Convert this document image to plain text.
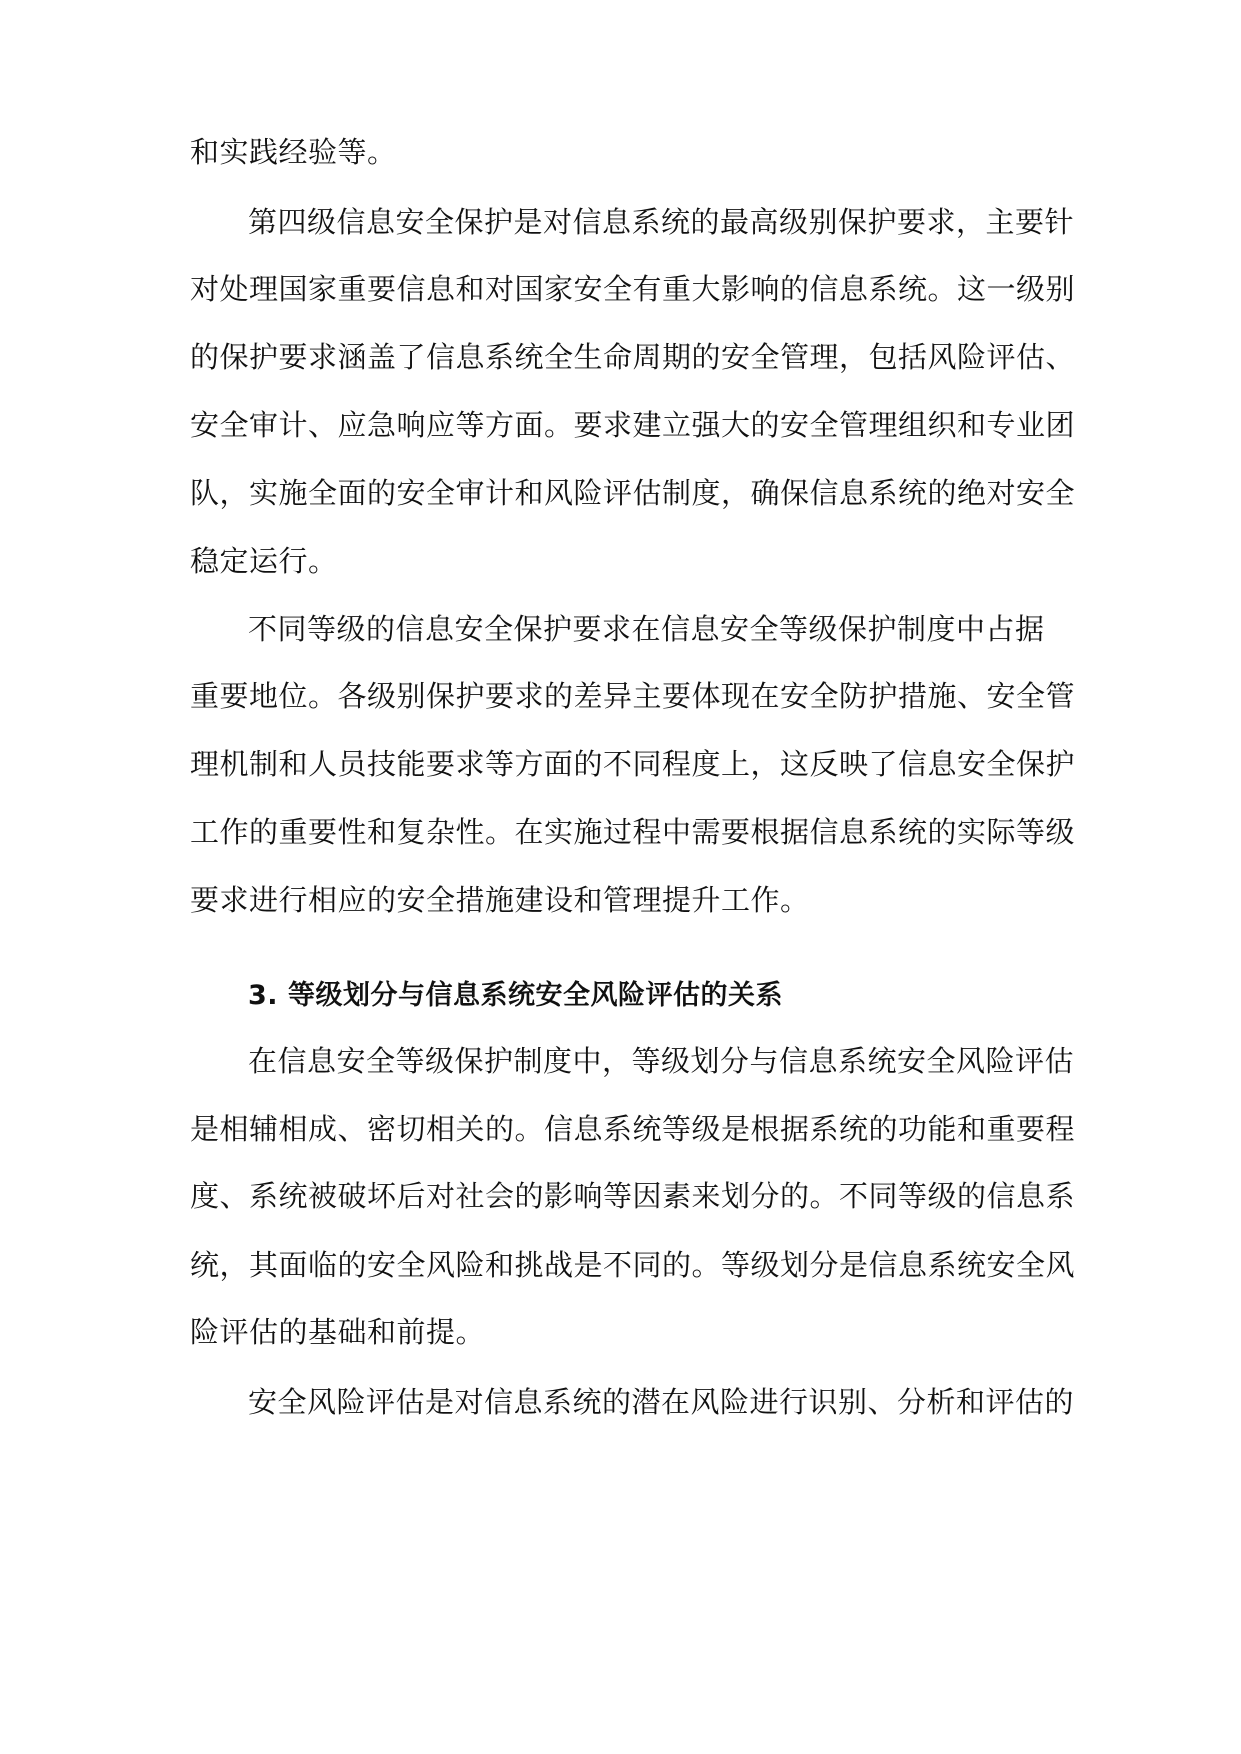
和实践经验等。
第四级信息安全保护是对信息系统的最高级别保护要求，主要针
对处理国家重要信息和对国家安全有重大影响的信息系统。这一级别
的保护要求涵盖了信息系统全生命周期的安全管理，包括风险评估、
安全审计、应急响应等方面。要求建立强大的安全管理组织和专业团
队，实施全面的安全审计和风险评估制度，确保信息系统的绝对安全
稳定运行。
不同等级的信息安全保护要求在信息安全等级保护制度中占据
重要地位。各级别保护要求的差异主要体现在安全防护措施、安全管
理机制和人员技能要求等方面的不同程度上，这反映了信息安全保护
工作的重要性和复杂性。在实施过程中需要根据信息系统的实际等级
要求进行相应的安全措施建设和管理提升工作。
3. 等级划分与信息系统安全风险评估的关系
在信息安全等级保护制度中，等级划分与信息系统安全风险评估
是相辅相成、密切相关的。信息系统等级是根据系统的功能和重要程
度、系统被破坏后对社会的影响等因素来划分的。不同等级的信息系
统，其面临的安全风险和挑战是不同的。等级划分是信息系统安全风
险评估的基础和前提。
安全风险评估是对信息系统的潜在风险进行识别、分析和评估的
